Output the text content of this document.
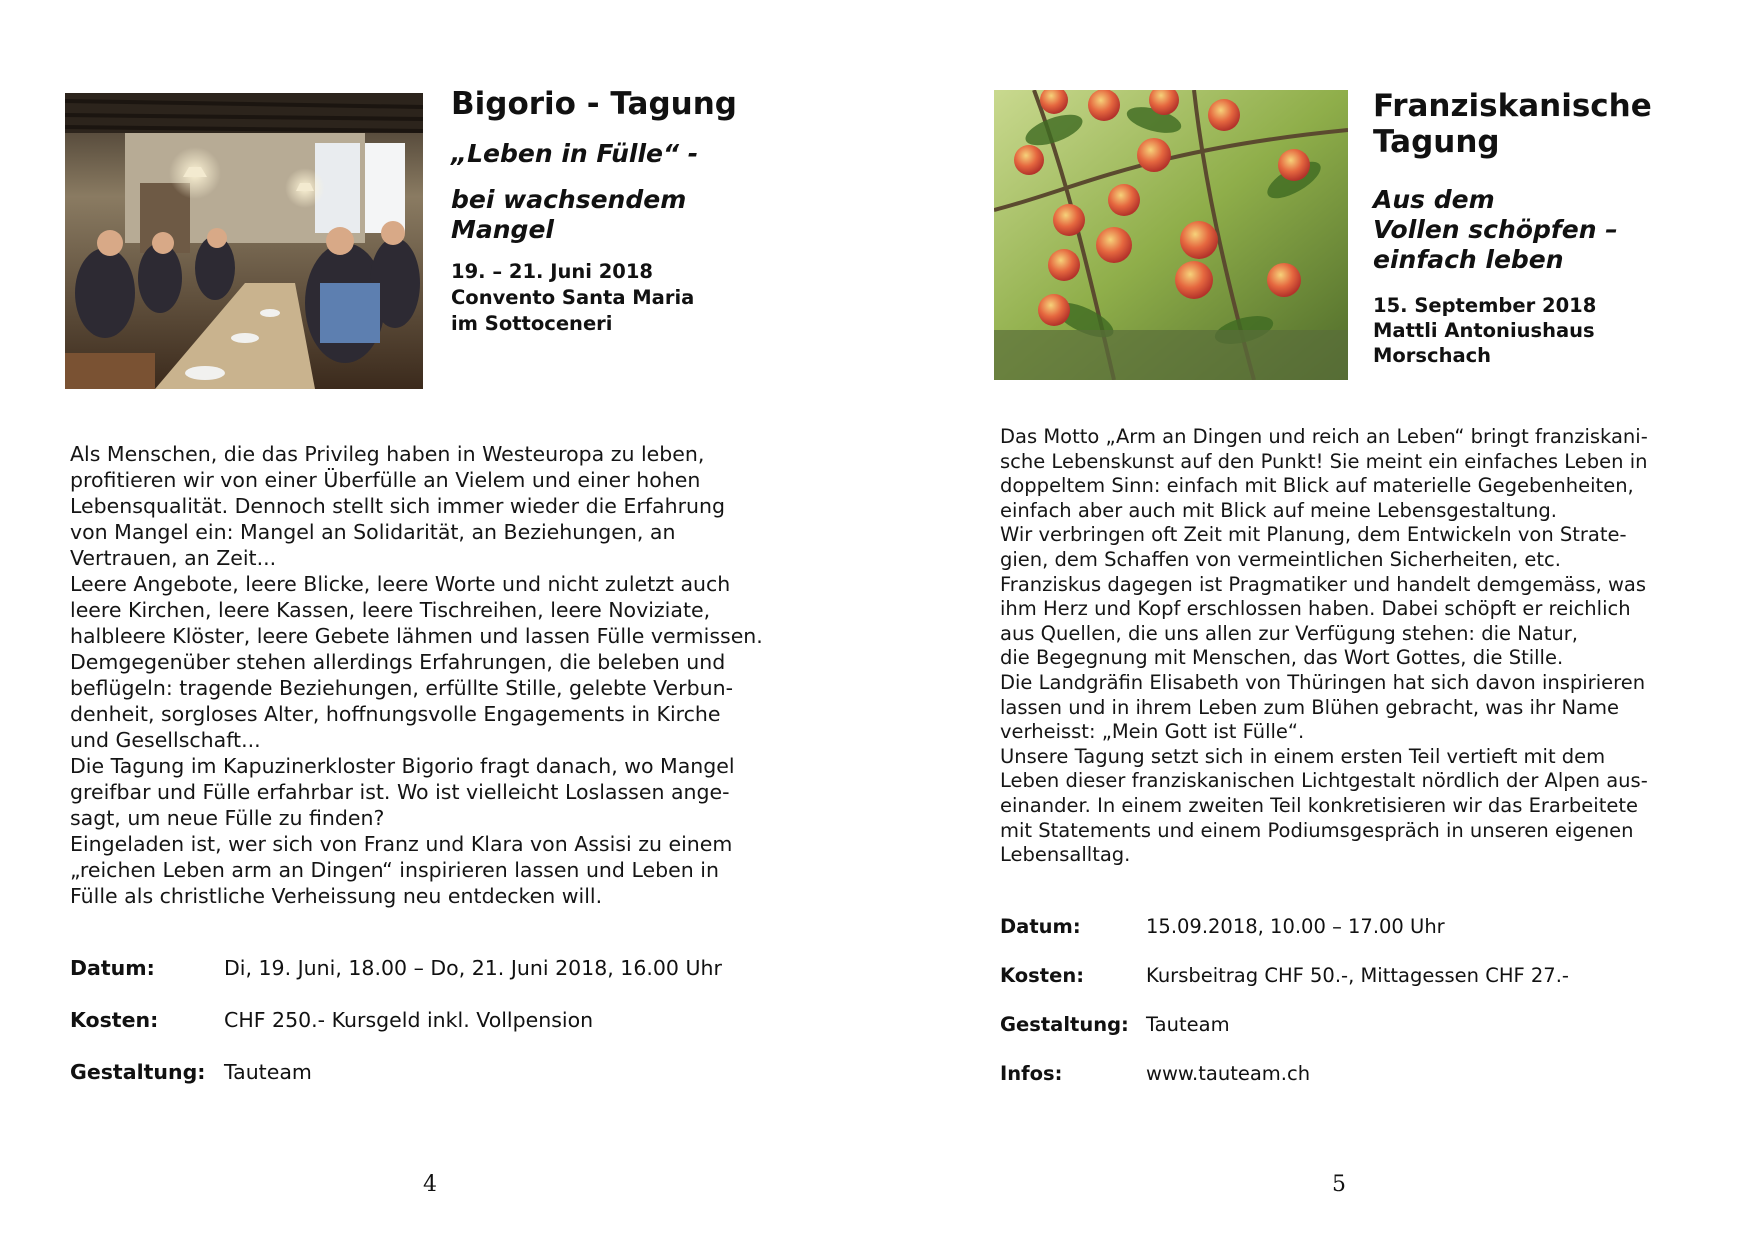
Bigorio - Tagung

„Leben in Fülle“ -

bei wachsendem
Mangel

19. – 21. Juni 2018
Convento Santa Maria
im Sottoceneri

Als Menschen, die das Privileg haben in Westeuropa zu leben,
profitieren wir von einer Überfülle an Vielem und einer hohen
Lebensqualität. Dennoch stellt sich immer wieder die Erfahrung
von Mangel ein: Mangel an Solidarität, an Beziehungen, an
Vertrauen, an Zeit...
Leere Angebote, leere Blicke, leere Worte und nicht zuletzt auch
leere Kirchen, leere Kassen, leere Tischreihen, leere Noviziate,
halbleere Klöster, leere Gebete lähmen und lassen Fülle vermissen.
Demgegenüber stehen allerdings Erfahrungen, die beleben und
beflügeln: tragende Beziehungen, erfüllte Stille, gelebte Verbun-
denheit, sorgloses Alter, hoffnungsvolle Engagements in Kirche
und Gesellschaft...
Die Tagung im Kapuzinerkloster Bigorio fragt danach, wo Mangel
greifbar und Fülle erfahrbar ist. Wo ist vielleicht Loslassen ange-
sagt, um neue Fülle zu finden?
Eingeladen ist, wer sich von Franz und Klara von Assisi zu einem
„reichen Leben arm an Dingen“ inspirieren lassen und Leben in
Fülle als christliche Verheissung neu entdecken will.

Datum:	Di, 19. Juni, 18.00 – Do, 21. Juni 2018, 16.00 Uhr
Kosten:	CHF 250.- Kursgeld inkl. Vollpension
Gestaltung: Tauteam
4
Franziskanische
Tagung

Aus dem
Vollen schöpfen –
einfach leben

15. September 2018
Mattli Antoniushaus
Morschach

Das Motto „Arm an Dingen und reich an Leben“ bringt franziskani-
sche Lebenskunst auf den Punkt! Sie meint ein einfaches Leben in
doppeltem Sinn: einfach mit Blick auf materielle Gegebenheiten,
einfach aber auch mit Blick auf meine Lebensgestaltung.
Wir verbringen oft Zeit mit Planung, dem Entwickeln von Strate-
gien, dem Schaffen von vermeintlichen Sicherheiten, etc.
Franziskus dagegen ist Pragmatiker und handelt demgemäss, was
ihm Herz und Kopf erschlossen haben. Dabei schöpft er reichlich
aus Quellen, die uns allen zur Verfügung stehen: die Natur,
die Begegnung mit Menschen, das Wort Gottes, die Stille.
Die Landgräfin Elisabeth von Thüringen hat sich davon inspirieren
lassen und in ihrem Leben zum Blühen gebracht, was ihr Name
verheisst: „Mein Gott ist Fülle“.
Unsere Tagung setzt sich in einem ersten Teil vertieft mit dem
Leben dieser franziskanischen Lichtgestalt nördlich der Alpen aus-
einander. In einem zweiten Teil konkretisieren wir das Erarbeitete
mit Statements und einem Podiumsgespräch in unseren eigenen
Lebensalltag.

Datum:	15.09.2018, 10.00 – 17.00 Uhr
Kosten:	Kursbeitrag CHF 50.-, Mittagessen CHF 27.-
Gestaltung: Tauteam
Infos:	www.tauteam.ch
5
